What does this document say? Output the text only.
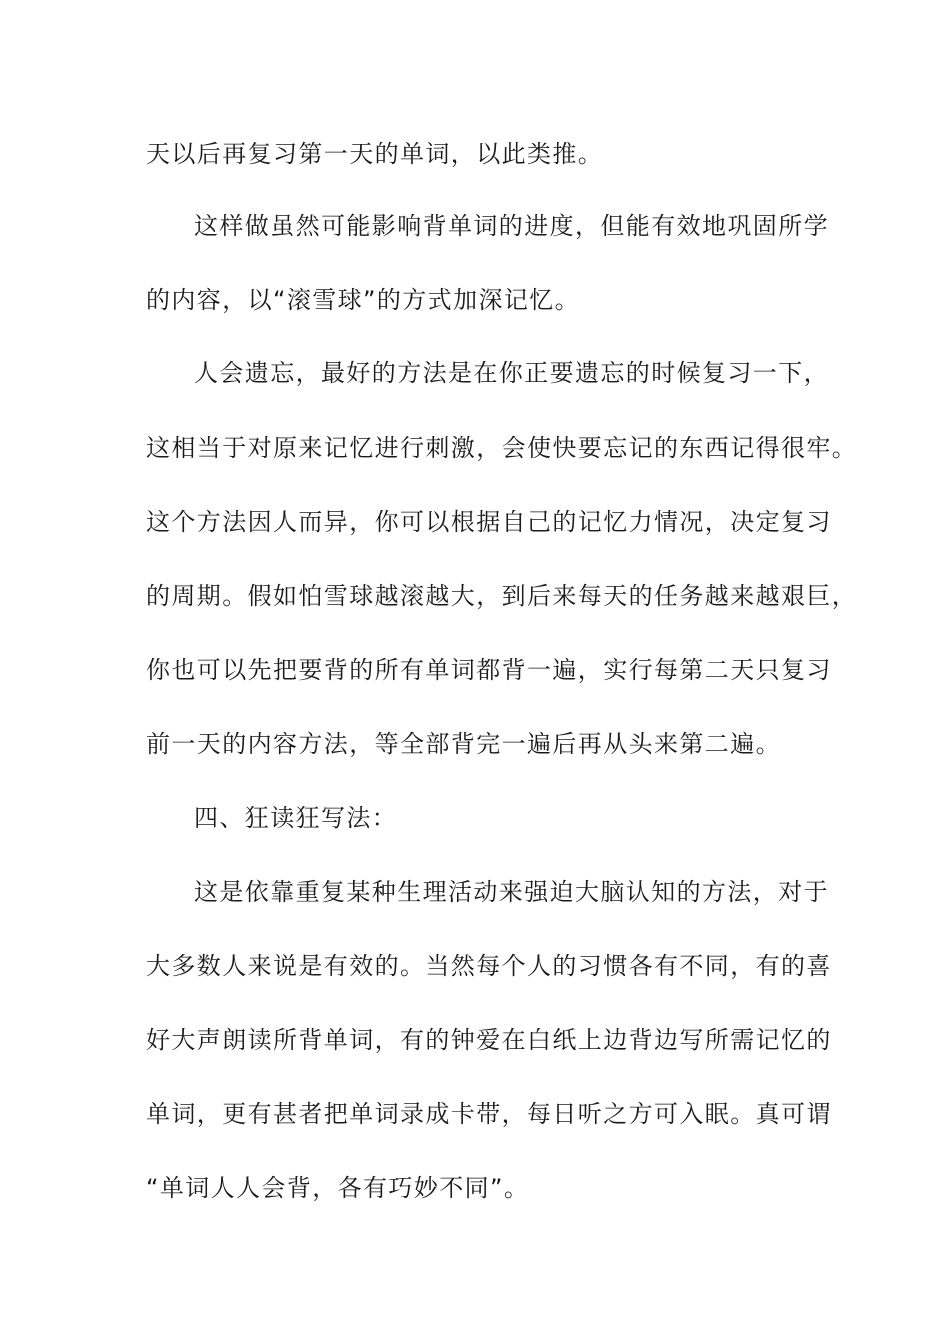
天以后再复习第一天的单词，以此类推。
这样做虽然可能影响背单词的进度，但能有效地巩固所学
的内容，以“滚雪球”的方式加深记忆。
人会遗忘，最好的方法是在你正要遗忘的时候复习一下，
这相当于对原来记忆进行刺激，会使快要忘记的东西记得很牢。
这个方法因人而异，你可以根据自己的记忆力情况，决定复习
的周期。假如怕雪球越滚越大，到后来每天的任务越来越艰巨，
你也可以先把要背的所有单词都背一遍，实行每第二天只复习
前一天的内容方法，等全部背完一遍后再从头来第二遍。
四、狂读狂写法：
这是依靠重复某种生理活动来强迫大脑认知的方法，对于
大多数人来说是有效的。当然每个人的习惯各有不同，有的喜
好大声朗读所背单词，有的钟爱在白纸上边背边写所需记忆的
单词，更有甚者把单词录成卡带，每日听之方可入眠。真可谓
“单词人人会背，各有巧妙不同”。
